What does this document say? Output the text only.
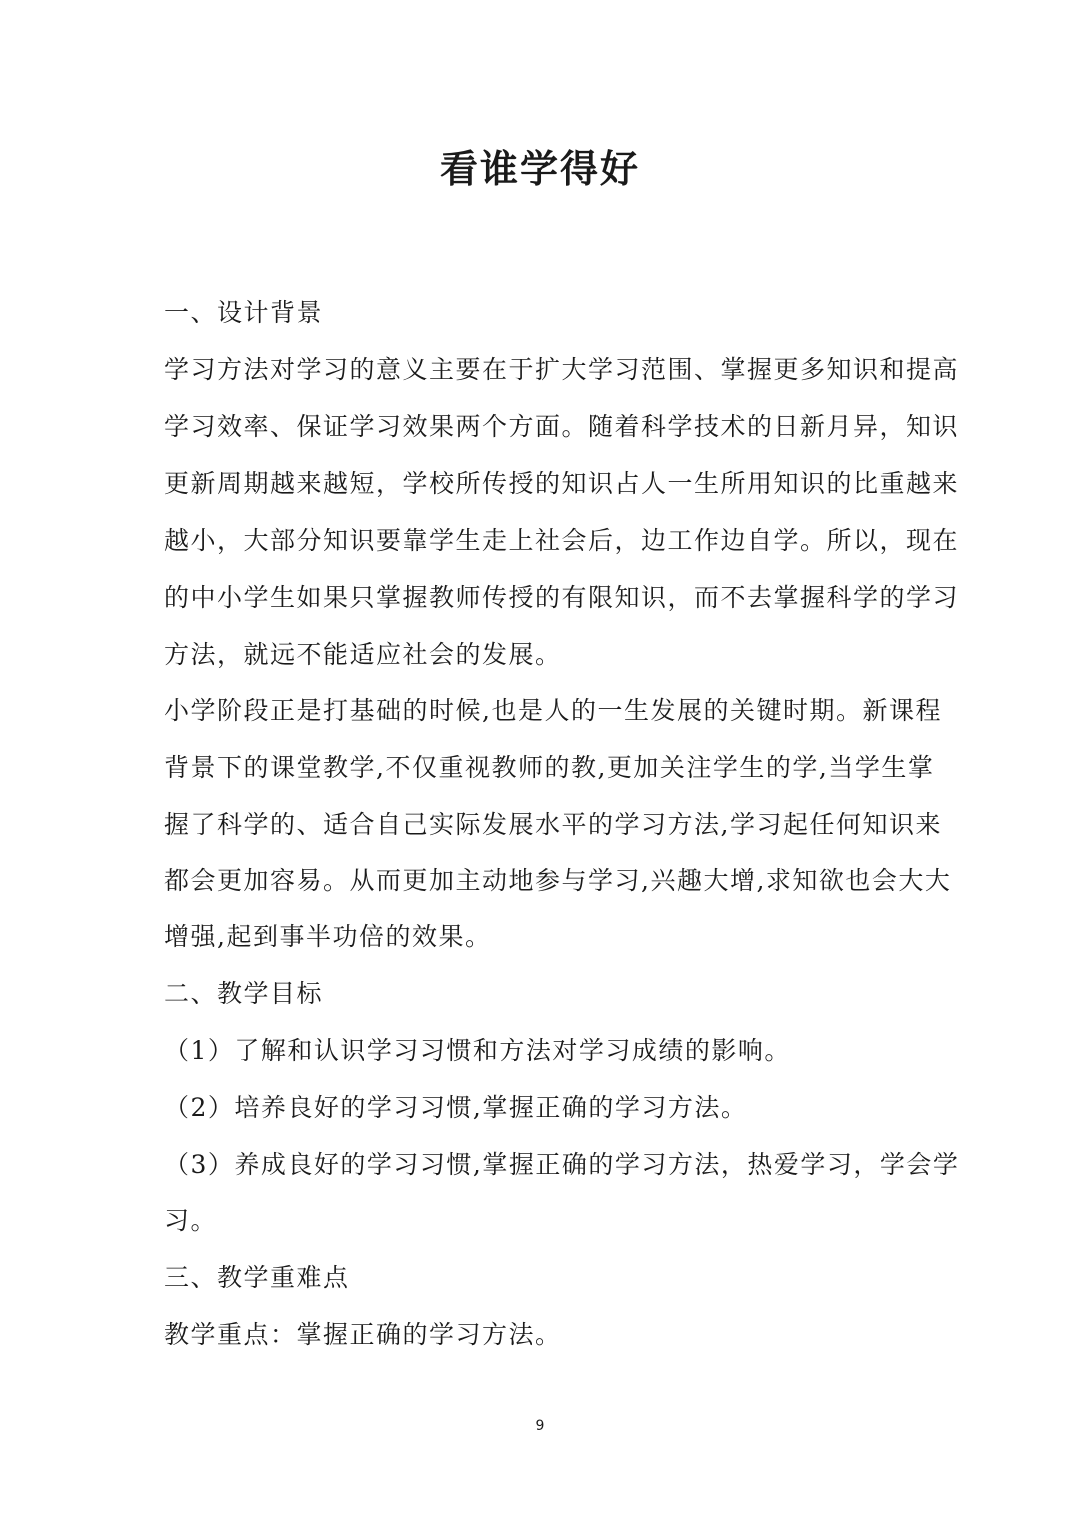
看谁学得好
一、设计背景
学习方法对学习的意义主要在于扩大学习范围、掌握更多知识和提高
学习效率、保证学习效果两个方面。随着科学技术的日新月异，知识
更新周期越来越短，学校所传授的知识占人一生所用知识的比重越来
越小，大部分知识要靠学生走上社会后，边工作边自学。所以，现在
的中小学生如果只掌握教师传授的有限知识，而不去掌握科学的学习
方法，就远不能适应社会的发展。
小学阶段正是打基础的时候,也是人的一生发展的关键时期。新课程
背景下的课堂教学,不仅重视教师的教,更加关注学生的学,当学生掌
握了科学的、适合自己实际发展水平的学习方法,学习起任何知识来
都会更加容易。从而更加主动地参与学习,兴趣大增,求知欲也会大大
增强,起到事半功倍的效果。
二、教学目标
（1）了解和认识学习习惯和方法对学习成绩的影响。
（2）培养良好的学习习惯,掌握正确的学习方法。
（3）养成良好的学习习惯,掌握正确的学习方法，热爱学习，学会学
习。
三、教学重难点
教学重点：掌握正确的学习方法。
9
